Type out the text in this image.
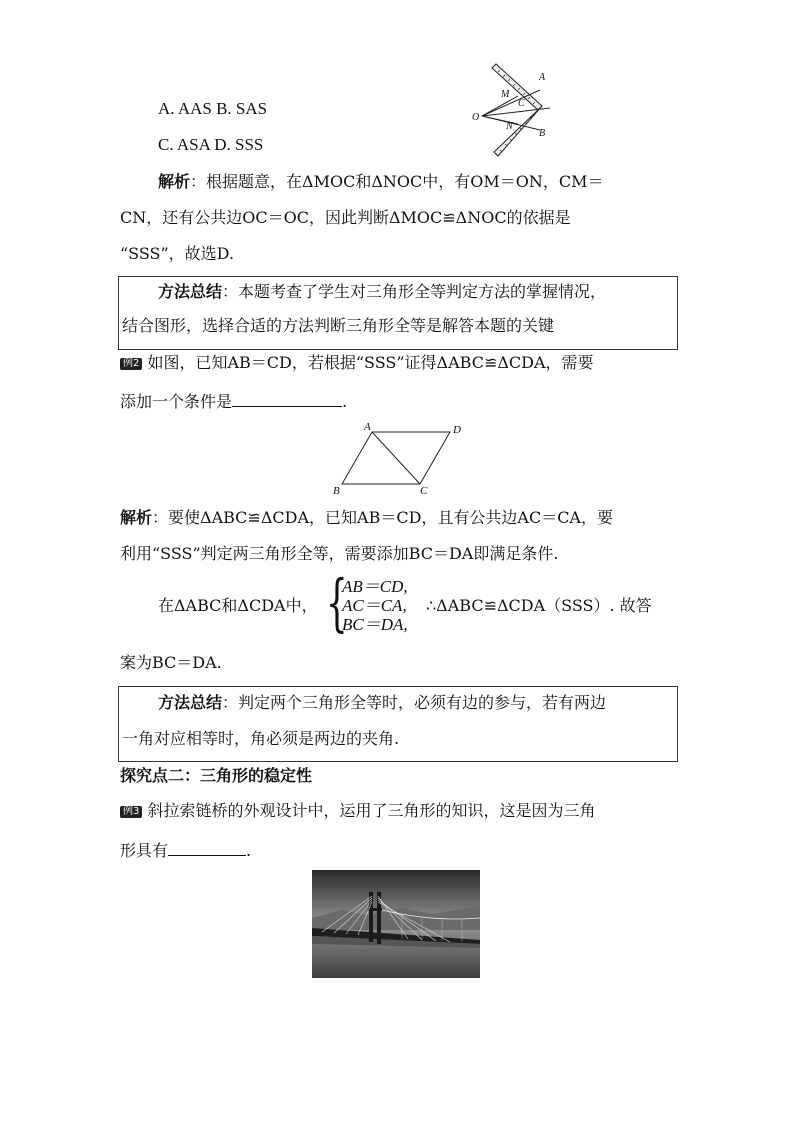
A. AAS B. SAS
C. ASA D. SSS
A
M
C
O
N
B
解析：根据题意，在ΔMOC和ΔNOC中，有OM＝ON，CM＝
CN，还有公共边OC＝OC，因此判断ΔMOC≌ΔNOC的依据是
“SSS”，故选D.
方法总结：本题考查了学生对三角形全等判定方法的掌握情况，
结合图形，选择合适的方法判断三角形全等是解答本题的关键
例2 如图，已知AB＝CD，若根据“SSS”证得ΔABC≌ΔCDA，需要
添加一个条件是	.
A	D
B	C
解析：要使ΔABC≌ΔCDA，已知AB＝CD，且有公共边AC＝CA，要
利用“SSS”判定两三角形全等，需要添加BC＝DA即满足条件.
在ΔABC和ΔCDA中， {
AB＝CD,
AC＝CA,
BC＝DA,
∴ΔABC≌ΔCDA（SSS）. 故答
案为BC＝DA.
方法总结：判定两个三角形全等时，必须有边的参与，若有两边
一角对应相等时，角必须是两边的夹角.
探究点二：三角形的稳定性
例3 斜拉索链桥的外观设计中，运用了三角形的知识，这是因为三角
形具有	.
